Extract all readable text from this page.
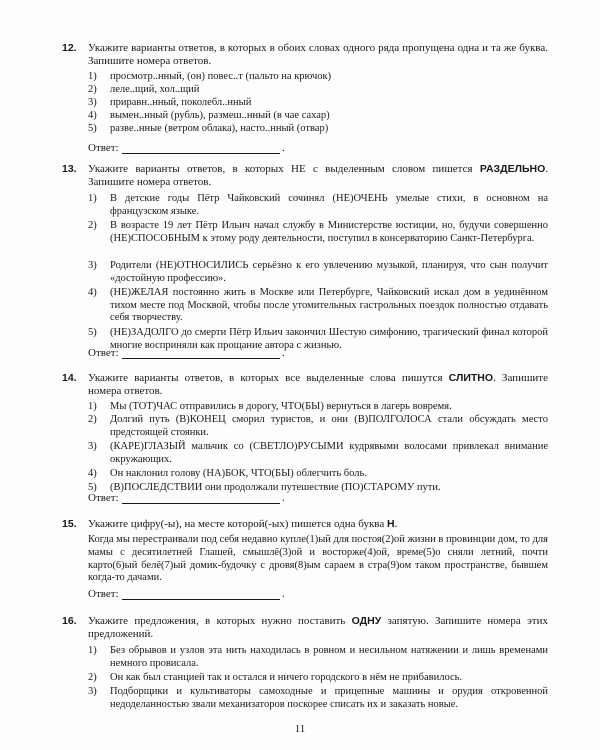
12. Укажите варианты ответов, в которых в обоих словах одного ряда пропущена одна и та же буква. Запишите номера ответов.
1)	просмотр..нный, (он) повес..т (пальто на крючок)
2)	леле..щий, хол..щий
3)	приравн..нный, поколебл..нный
4)	вымен..нный (рубль), размеш..нный (в чае сахар)
5)	разве..нные (ветром облака), насто..нный (отвар)
Ответ:	.
13. Укажите варианты ответов, в которых НЕ с выделенным словом пишется РАЗДЕЛЬНО. Запишите номера ответов.
1)	В детские годы Пётр Чайковский сочинял (НЕ)ОЧЕНЬ умелые стихи, в основном на французском языке.
2)	В возрасте 19 лет Пётр Ильич начал службу в Министерстве юстиции, но, будучи совершенно (НЕ)СПОСОБНЫМ к этому роду деятельности, поступил в консерваторию Санкт-Петербурга.
3)	Родители (НЕ)ОТНОСИЛИСЬ серьёзно к его увлечению музыкой, планируя, что сын получит «достойную профессию».
4)	(НЕ)ЖЕЛАЯ постоянно жить в Москве или Петербурге, Чайковский искал дом в уединённом тихом месте под Москвой, чтобы после утомительных гастрольных поездок полностью отдавать себя творчеству.
5)	(НЕ)ЗАДОЛГО до смерти Пётр Ильич закончил Шестую симфонию, трагический финал которой многие восприняли как прощание автора с жизнью.
Ответ:	.
14. Укажите варианты ответов, в которых все выделенные слова пишутся СЛИТНО. Запишите номера ответов.
1)	Мы (ТОТ)ЧАС отправились в дорогу, ЧТО(БЫ) вернуться в лагерь вовремя.
2)	Долгий путь (В)КОНЕЦ сморил туристов, и они (В)ПОЛГОЛОСА стали обсуждать место предстоящей стоянки.
3)	(КАРЕ)ГЛАЗЫЙ мальчик со (СВЕТЛО)РУСЫМИ кудрявыми волосами привлекал внимание окружающих.
4)	Он наклонил голову (НА)БОК, ЧТО(БЫ) облегчить боль.
5)	(В)ПОСЛЕДСТВИИ они продолжали путешествие (ПО)СТАРОМУ пути.
Ответ:	.
15. Укажите цифру(-ы), на месте которой(-ых) пишется одна буква Н.
Когда мы перестраивали под себя недавно купле(1)ый для постоя(2)ой жизни в провинции дом, то для мамы с десятилетней Глашей, смышлё(3)ой и восторже(4)ой, време(5)о сняли летний, почти карто(6)ый белё(7)ый домик-будочку с дровя(8)ым сараем в стра(9)ом таком пространстве, бывшем когда-то дачами.
Ответ:	.
16. Укажите предложения, в которых нужно поставить ОДНУ запятую. Запишите номера этих предложений.
1)	Без обрывов и узлов эта нить находилась в ровном и несильном натяжении и лишь временами немного провисала.
2)	Он как был станцией так и остался и ничего городского в нём не прибавилось.
3)	Подборщики и культиваторы самоходные и прицепные машины и орудия откровенной недоделанностью звали механизаторов поскорее списать их и заказать новые.
11
